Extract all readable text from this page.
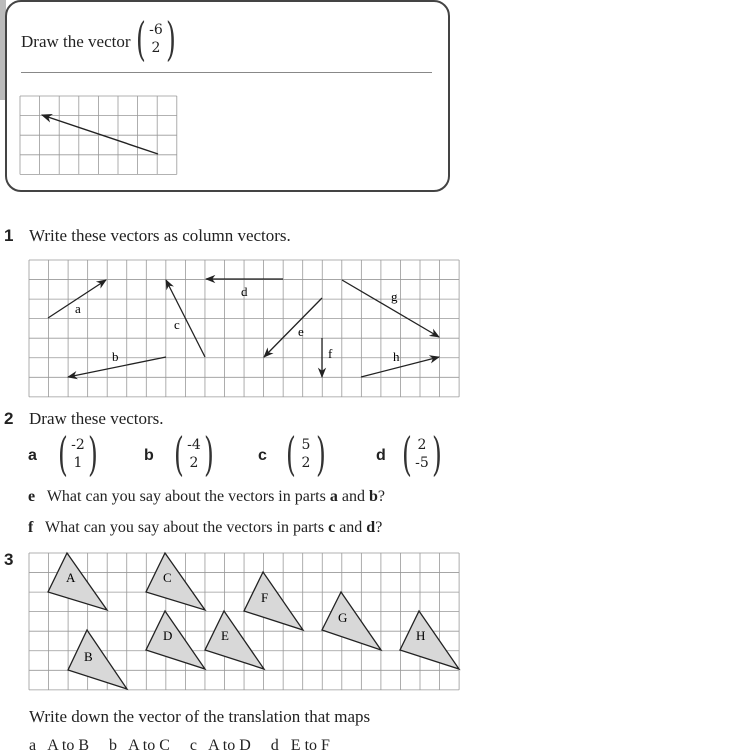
Draw the vector ( -6
2 )
a
b
c
d
e
f
g
h
A
B
C
D	E
F
G
H
1 Write these vectors as column vectors.
2 Draw these vectors.
a ( -2
1 )	b ( -4
2 )	c ( 5
2 )	d ( 2
-5 )
e What can you say about the vectors in parts a and b?
f What can you say about the vectors in parts c and d?
3
Write down the vector of the translation that maps
a   A to B     b   A to C     c   A to D     d   E to F
